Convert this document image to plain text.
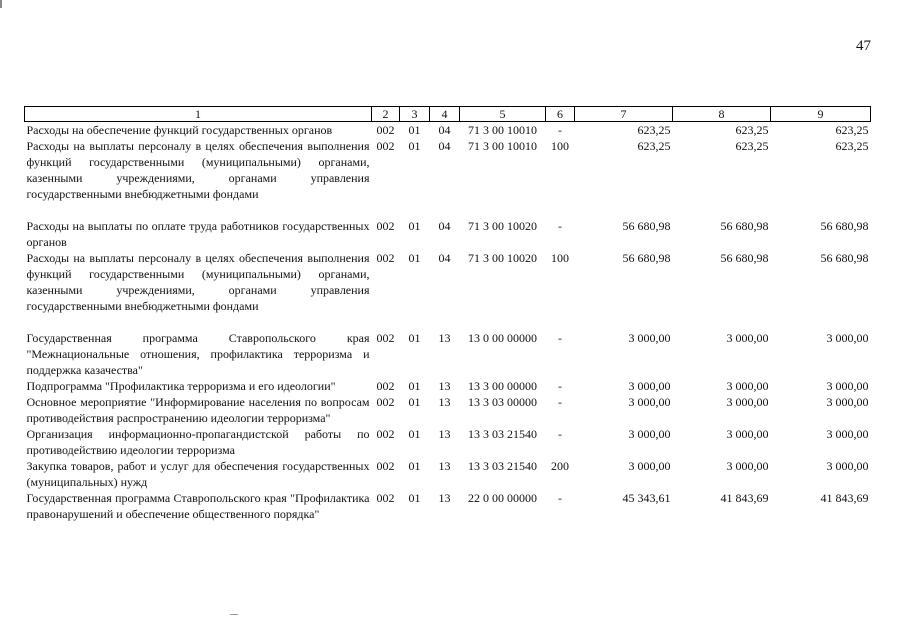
47
1	2	3	4	5	6	7	8	9
Расходы на обеспечение функций государственных органов	002	01	04	71 3 00 10010	-	623,25	623,25	623,25
Расходы на выплаты персоналу в целях обеспечения выполнения функций государственными (муниципальными) органами, казенными учреждениями, органами управления государственными внебюджетными фондами	002	01	04	71 3 00 10010	100	623,25	623,25	623,25
Расходы на выплаты по оплате труда работников государственных органов	002	01	04	71 3 00 10020	-	56 680,98	56 680,98	56 680,98
Расходы на выплаты персоналу в целях обеспечения выполнения функций государственными (муниципальными) органами, казенными учреждениями, органами управления государственными внебюджетными фондами	002	01	04	71 3 00 10020	100	56 680,98	56 680,98	56 680,98
Государственная программа Ставропольского края "Межнациональные отношения, профилактика терроризма и поддержка казачества"	002	01	13	13 0 00 00000	-	3 000,00	3 000,00	3 000,00
Подпрограмма "Профилактика терроризма и его идеологии"	002	01	13	13 3 00 00000	-	3 000,00	3 000,00	3 000,00
Основное мероприятие "Информирование населения по вопросам противодействия распространению идеологии терроризма"	002	01	13	13 3 03 00000	-	3 000,00	3 000,00	3 000,00
Организация информационно-пропагандистской работы по противодействию идеологии терроризма	002	01	13	13 3 03 21540	-	3 000,00	3 000,00	3 000,00
Закупка товаров, работ и услуг для обеспечения государственных (муниципальных) нужд	002	01	13	13 3 03 21540	200	3 000,00	3 000,00	3 000,00
Государственная программа Ставропольского края "Профилактика правонарушений и обеспечение общественного порядка"	002	01	13	22 0 00 00000	-	45 343,61	41 843,69	41 843,69
